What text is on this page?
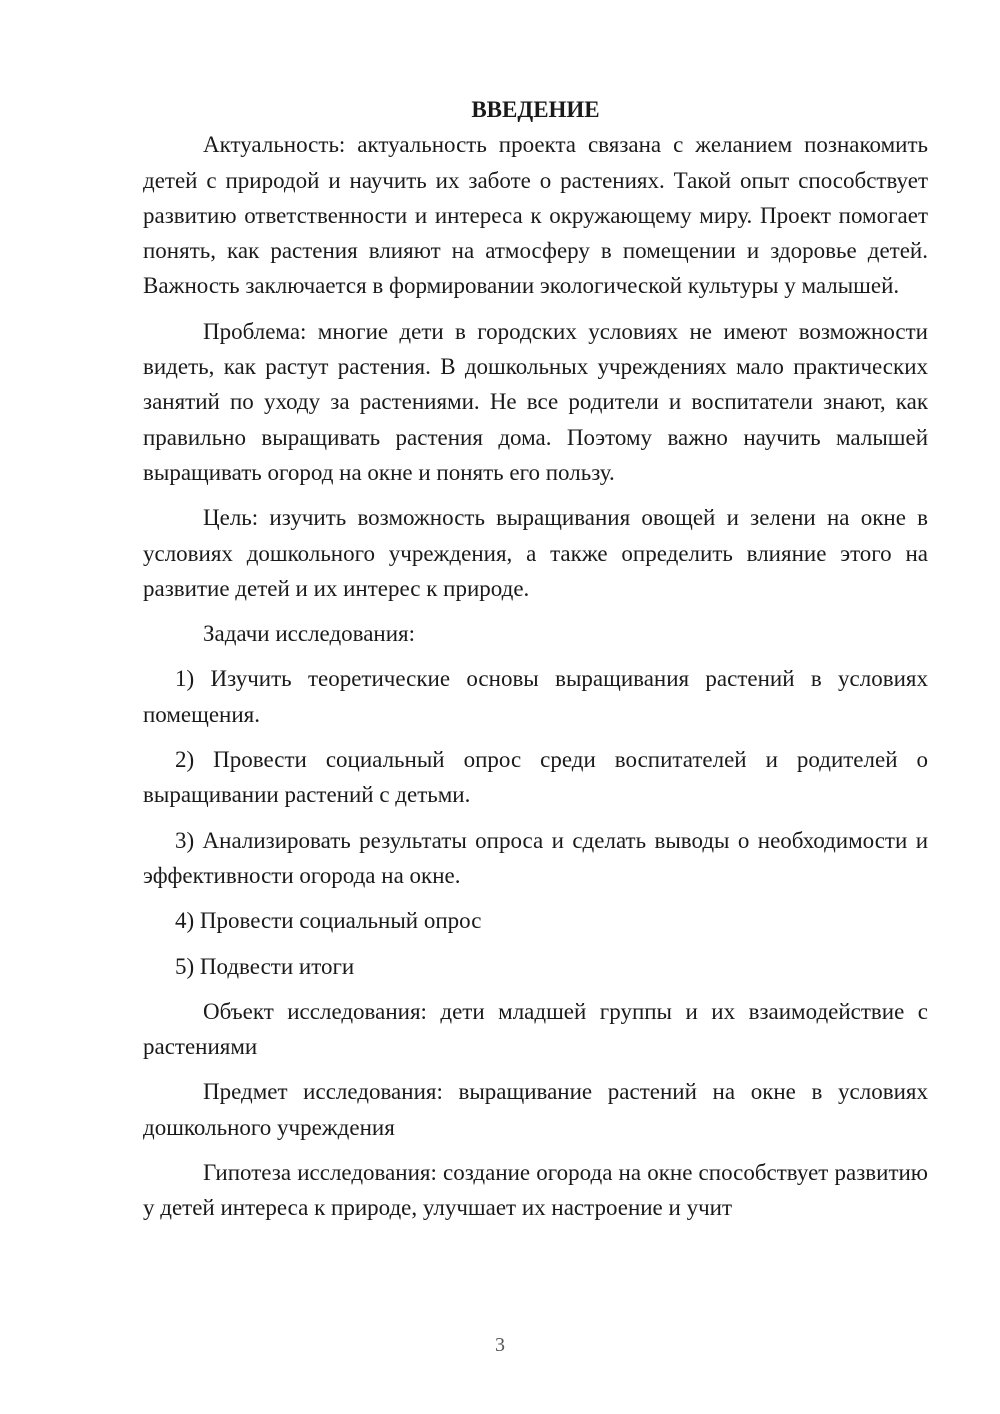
ВВЕДЕНИЕ

Актуальность: актуальность проекта связана с желанием познакомить детей с природой и научить их заботе о растениях. Такой опыт способствует развитию ответственности и интереса к окружающему миру. Проект помогает понять, как растения влияют на атмосферу в помещении и здоровье детей. Важность заключается в формировании экологической культуры у малышей.

Проблема: многие дети в городских условиях не имеют возможности видеть, как растут растения. В дошкольных учреждениях мало практических занятий по уходу за растениями. Не все родители и воспитатели знают, как правильно выращивать растения дома. Поэтому важно научить малышей выращивать огород на окне и понять его пользу.

Цель: изучить возможность выращивания овощей и зелени на окне в условиях дошкольного учреждения, а также определить влияние этого на развитие детей и их интерес к природе.

Задачи исследования:

1) Изучить теоретические основы выращивания растений в условиях помещения.

2) Провести социальный опрос среди воспитателей и родителей о выращивании растений с детьми.

3) Анализировать результаты опроса и сделать выводы о необходимости и эффективности огорода на окне.

4) Провести социальный опрос

5) Подвести итоги

Объект исследования: дети младшей группы и их взаимодействие с растениями

Предмет исследования: выращивание растений на окне в условиях дошкольного учреждения

Гипотеза исследования: создание огорода на окне способствует развитию у детей интереса к природе, улучшает их настроение и учит

3
